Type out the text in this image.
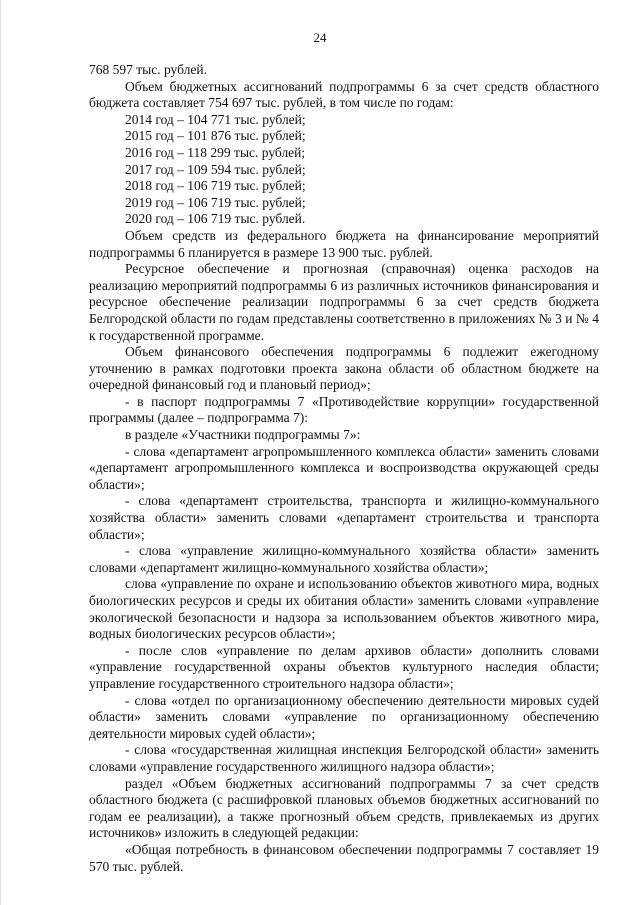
24

768 597 тыс. рублей.

Объем бюджетных ассигнований подпрограммы 6 за счет средств областного бюджета составляет 754 697 тыс. рублей, в том числе по годам:

2014 год – 104 771 тыс. рублей;
2015 год – 101 876 тыс. рублей;
2016 год – 118 299 тыс. рублей;
2017 год – 109 594 тыс. рублей;
2018 год – 106 719 тыс. рублей;
2019 год – 106 719 тыс. рублей;
2020 год – 106 719 тыс. рублей.

Объем средств из федерального бюджета на финансирование мероприятий подпрограммы 6 планируется в размере 13 900 тыс. рублей.

Ресурсное обеспечение и прогнозная (справочная) оценка расходов на реализацию мероприятий подпрограммы 6 из различных источников финансирования и ресурсное обеспечение реализации подпрограммы 6 за счет средств бюджета Белгородской области по годам представлены соответственно в приложениях № 3 и № 4 к государственной программе.

Объем финансового обеспечения подпрограммы 6 подлежит ежегодному уточнению в рамках подготовки проекта закона области об областном бюджете на очередной финансовый год и плановый период»;

- в паспорт подпрограммы 7 «Противодействие коррупции» государственной программы (далее – подпрограмма 7):

в разделе «Участники подпрограммы 7»:

- слова «департамент агропромышленного комплекса области» заменить словами «департамент агропромышленного комплекса и воспроизводства окружающей среды области»;

- слова «департамент строительства, транспорта и жилищно-коммунального хозяйства области» заменить словами «департамент строительства и транспорта области»;

- слова «управление жилищно-коммунального хозяйства области» заменить словами «департамент жилищно-коммунального хозяйства области»;

слова «управление по охране и использованию объектов животного мира, водных биологических ресурсов и среды их обитания области» заменить словами «управление экологической безопасности и надзора за использованием объектов животного мира, водных биологических ресурсов области»;

- после слов «управление по делам архивов области» дополнить словами «управление государственной охраны объектов культурного наследия области; управление государственного строительного надзора области»;

- слова «отдел по организационному обеспечению деятельности мировых судей области» заменить словами «управление по организационному обеспечению деятельности мировых судей области»;

- слова «государственная жилищная инспекция Белгородской области» заменить словами «управление государственного жилищного надзора области»;

раздел «Объем бюджетных ассигнований подпрограммы 7 за счет средств областного бюджета (с расшифровкой плановых объемов бюджетных ассигнований по годам ее реализации), а также прогнозный объем средств, привлекаемых из других источников» изложить в следующей редакции:

«Общая потребность в финансовом обеспечении подпрограммы 7 составляет 19 570 тыс. рублей.
